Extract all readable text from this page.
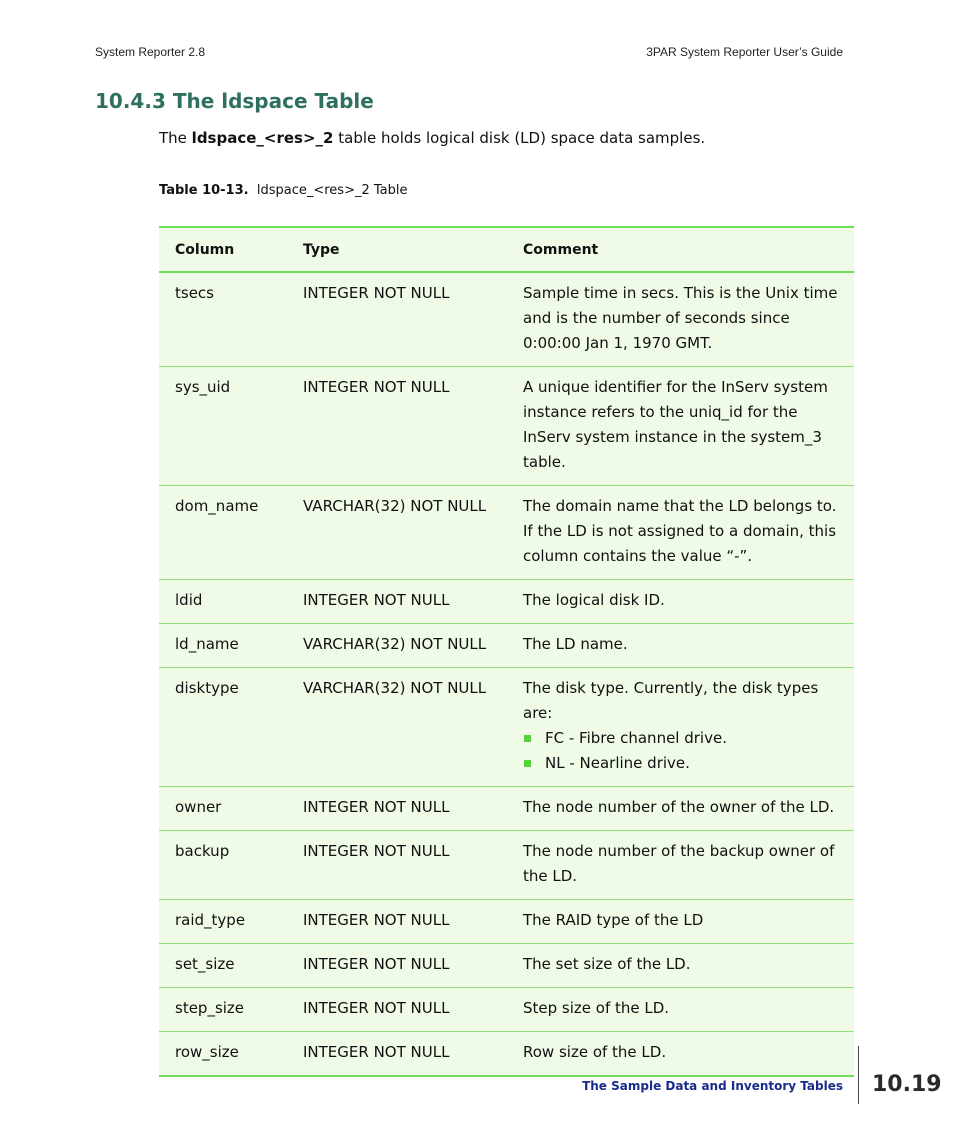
System Reporter 2.8	3PAR System Reporter User’s Guide
10.4.3 The ldspace Table
The ldspace_<res>_2 table holds logical disk (LD) space data samples.
Table 10-13.  ldspace_<res>_2 Table
Column	Type	Comment
tsecs	INTEGER NOT NULL	Sample time in secs. This is the Unix time and is the number of seconds since 0:00:00 Jan 1, 1970 GMT.
sys_uid	INTEGER NOT NULL	A unique identifier for the InServ system instance refers to the uniq_id for the InServ system instance in the system_3 table.
dom_name	VARCHAR(32) NOT NULL	The domain name that the LD belongs to. If the LD is not assigned to a domain, this column contains the value “-”.
ldid	INTEGER NOT NULL	The logical disk ID.
ld_name	VARCHAR(32) NOT NULL	The LD name.
disktype	VARCHAR(32) NOT NULL	The disk type. Currently, the disk types are:
FC - Fibre channel drive.
NL - Nearline drive.

owner	INTEGER NOT NULL	The node number of the owner of the LD.
backup	INTEGER NOT NULL	The node number of the backup owner of the LD.
raid_type	INTEGER NOT NULL	The RAID type of the LD
set_size	INTEGER NOT NULL	The set size of the LD.
step_size	INTEGER NOT NULL	Step size of the LD.
row_size	INTEGER NOT NULL	Row size of the LD.
The Sample Data and Inventory Tables 10.19
